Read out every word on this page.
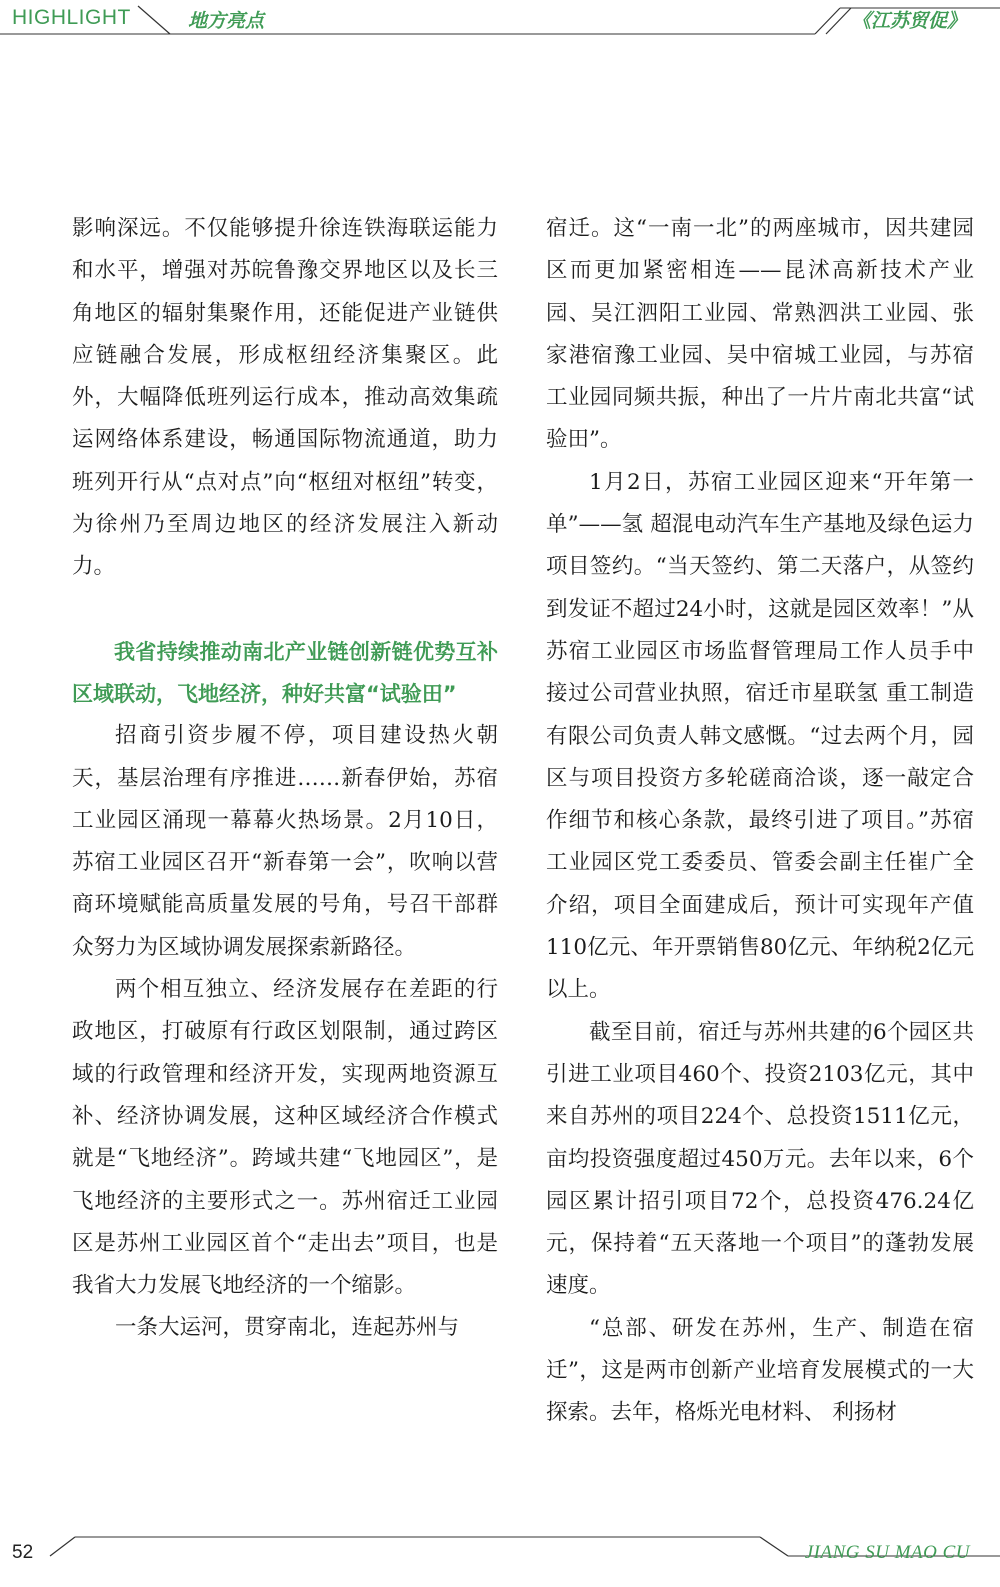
HIGHLIGHT	地方亮点	《江苏贸促》

影响深远。不仅能够提升徐连铁海联运能力和水平，增强对苏皖鲁豫交界地区以及长三角地区的辐射集聚作用，还能促进产业链供应链融合发展，形成枢纽经济集聚区。此外，大幅降低班列运行成本，推动高效集疏运网络体系建设，畅通国际物流通道，助力班列开行从“点对点”向“枢纽对枢纽”转变，为徐州乃至周边地区的经济发展注入新动力。

我省持续推动南北产业链创新链优势互补区域联动，飞地经济，种好共富“试验田”

招商引资步履不停，项目建设热火朝天，基层治理有序推进……新春伊始，苏宿工业园区涌现一幕幕火热场景。2月10日，苏宿工业园区召开“新春第一会”，吹响以营商环境赋能高质量发展的号角，号召干部群众努力为区域协调发展探索新路径。

两个相互独立、经济发展存在差距的行政地区，打破原有行政区划限制，通过跨区域的行政管理和经济开发，实现两地资源互补、经济协调发展，这种区域经济合作模式就是“飞地经济”。跨域共建“飞地园区”，是飞地经济的主要形式之一。苏州宿迁工业园区是苏州工业园区首个“走出去”项目，也是我省大力发展飞地经济的一个缩影。

一条大运河，贯穿南北，连起苏州与

宿迁。这“一南一北”的两座城市，因共建园区而更加紧密相连——昆沭高新技术产业园、吴江泗阳工业园、常熟泗洪工业园、张家港宿豫工业园、吴中宿城工业园，与苏宿工业园同频共振，种出了一片片南北共富“试验田”。

1月2日，苏宿工业园区迎来“开年第一单”——氢 超混电动汽车生产基地及绿色运力项目签约。“当天签约、第二天落户，从签约到发证不超过24小时，这就是园区效率！”从苏宿工业园区市场监督管理局工作人员手中接过公司营业执照，宿迁市星联氢 重工制造有限公司负责人韩文感慨。“过去两个月，园区与项目投资方多轮磋商洽谈，逐一敲定合作细节和核心条款，最终引进了项目。”苏宿工业园区党工委委员、管委会副主任崔广全介绍，项目全面建成后，预计可实现年产值110亿元、年开票销售80亿元、年纳税2亿元以上。

截至目前，宿迁与苏州共建的6个园区共引进工业项目460个、投资2103亿元，其中来自苏州的项目224个、总投资1511亿元，亩均投资强度超过450万元。去年以来，6个园区累计招引项目72个，总投资476.24亿元，保持着“五天落地一个项目”的蓬勃发展速度。

“总部、研发在苏州，生产、制造在宿迁”，这是两市创新产业培育发展模式的一大探索。去年，格烁光电材料、 利扬材

52	JIANG SU MAO CU
